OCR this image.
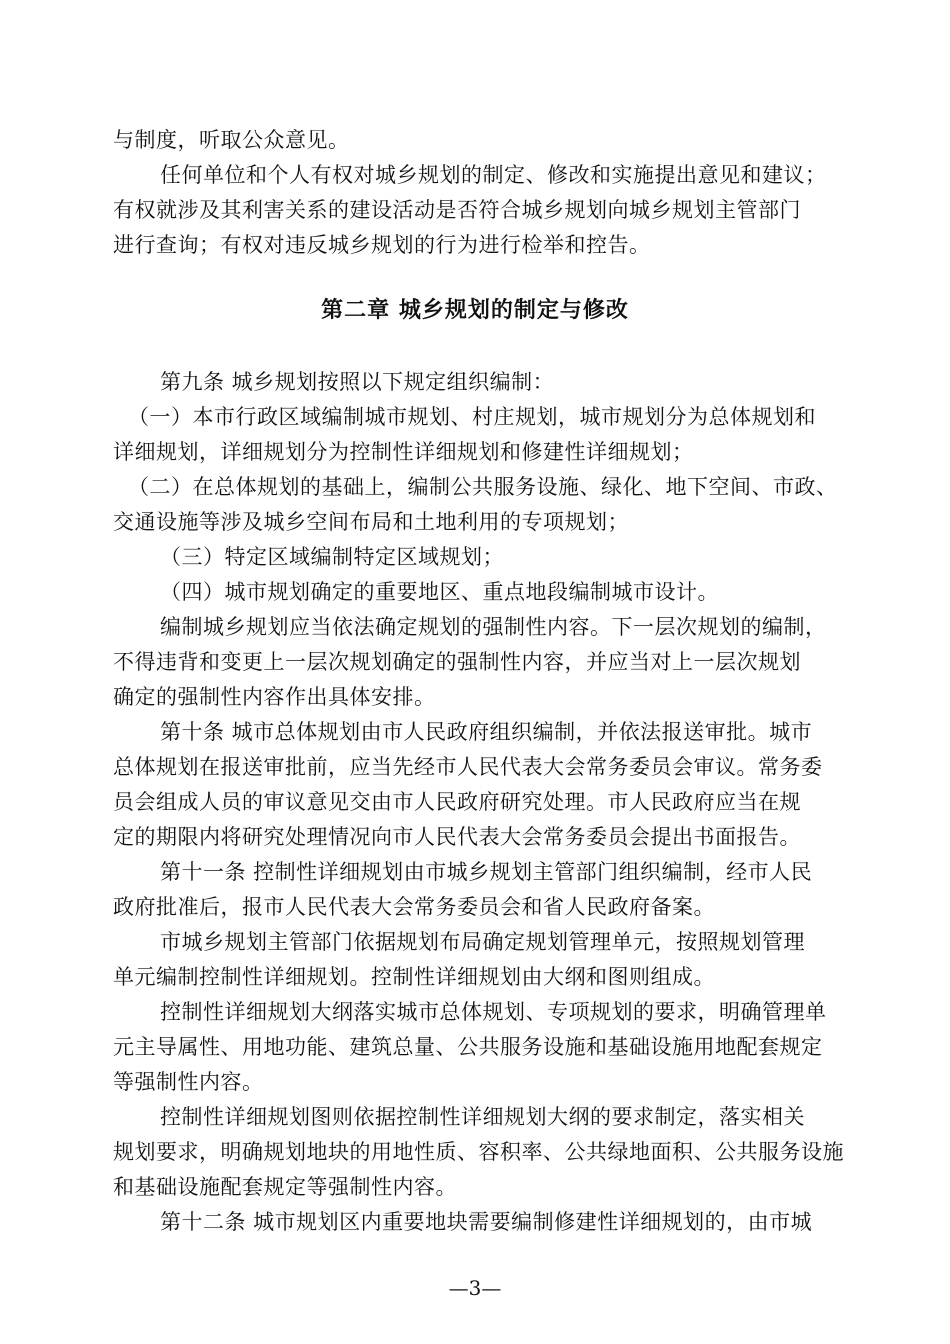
与制度，听取公众意见。
任何单位和个人有权对城乡规划的制定、修改和实施提出意见和建议；
有权就涉及其利害关系的建设活动是否符合城乡规划向城乡规划主管部门
进行查询；有权对违反城乡规划的行为进行检举和控告。
第二章 城乡规划的制定与修改
第九条 城乡规划按照以下规定组织编制：
（一）本市行政区域编制城市规划、村庄规划，城市规划分为总体规划和
详细规划，详细规划分为控制性详细规划和修建性详细规划；
（二）在总体规划的基础上，编制公共服务设施、绿化、地下空间、市政、
交通设施等涉及城乡空间布局和土地利用的专项规划；
（三）特定区域编制特定区域规划；
（四）城市规划确定的重要地区、重点地段编制城市设计。
编制城乡规划应当依法确定规划的强制性内容。下一层次规划的编制，
不得违背和变更上一层次规划确定的强制性内容，并应当对上一层次规划
确定的强制性内容作出具体安排。
第十条 城市总体规划由市人民政府组织编制，并依法报送审批。城市
总体规划在报送审批前，应当先经市人民代表大会常务委员会审议。常务委
员会组成人员的审议意见交由市人民政府研究处理。市人民政府应当在规
定的期限内将研究处理情况向市人民代表大会常务委员会提出书面报告。
第十一条 控制性详细规划由市城乡规划主管部门组织编制，经市人民
政府批准后，报市人民代表大会常务委员会和省人民政府备案。
市城乡规划主管部门依据规划布局确定规划管理单元，按照规划管理
单元编制控制性详细规划。控制性详细规划由大纲和图则组成。
控制性详细规划大纲落实城市总体规划、专项规划的要求，明确管理单
元主导属性、用地功能、建筑总量、公共服务设施和基础设施用地配套规定
等强制性内容。
控制性详细规划图则依据控制性详细规划大纲的要求制定，落实相关
规划要求，明确规划地块的用地性质、容积率、公共绿地面积、公共服务设施
和基础设施配套规定等强制性内容。
第十二条 城市规划区内重要地块需要编制修建性详细规划的，由市城
—3—
